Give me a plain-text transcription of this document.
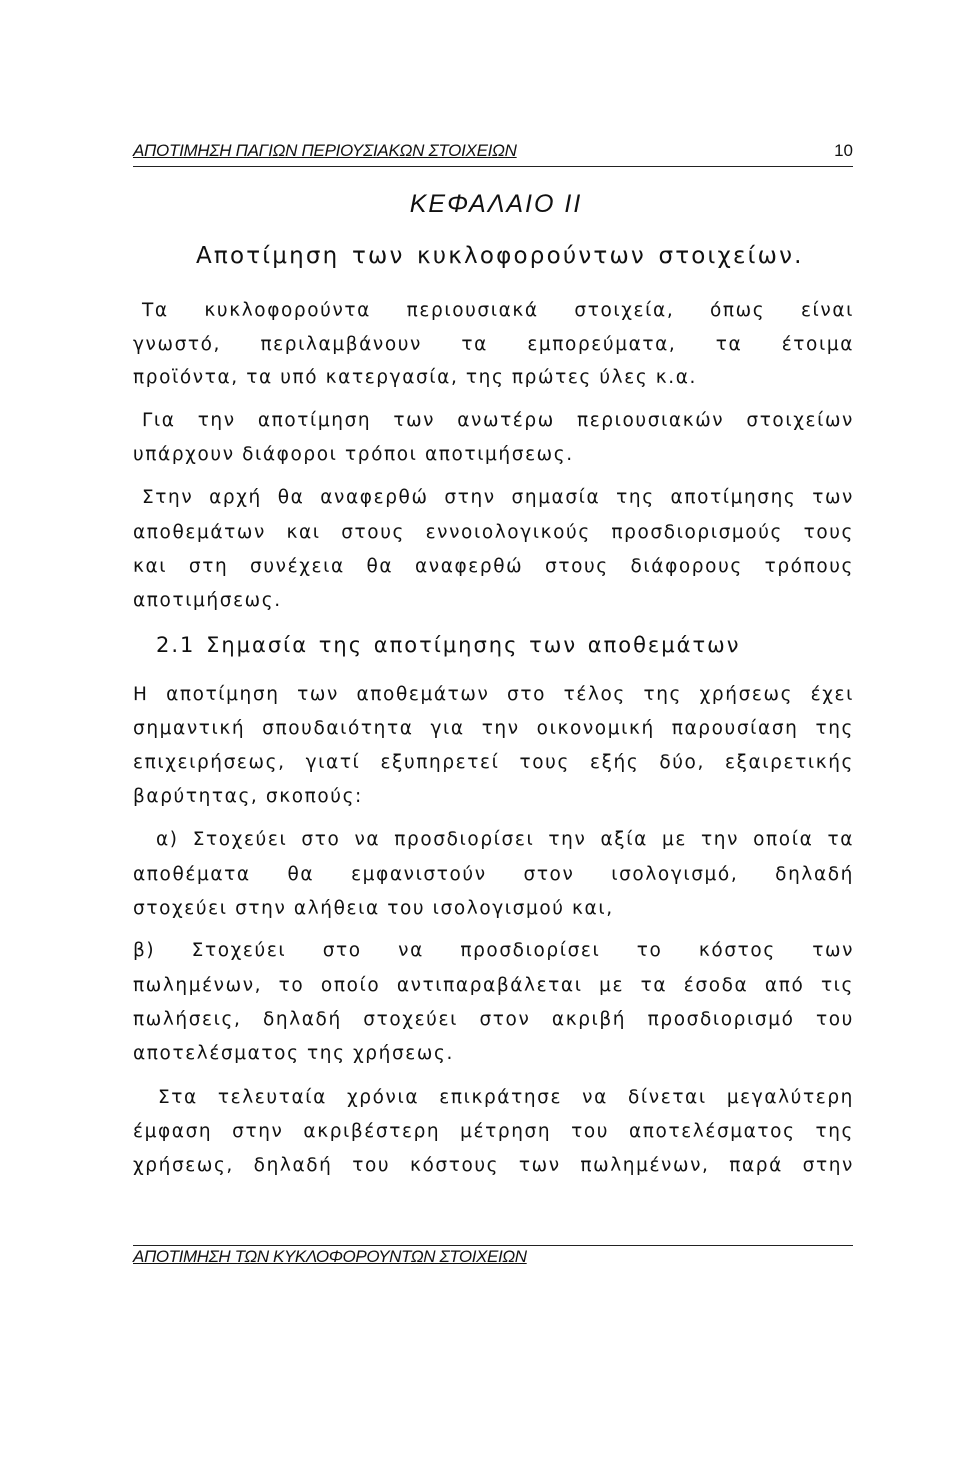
ΑΠΟΤΙΜΗΣΗ ΠΑΓΙΩΝ ΠΕΡΙΟΥΣΙΑΚΩΝ ΣΤΟΙΧΕΙΩΝ	10
ΚΕΦΑΛΑΙΟ ΙΙ
Αποτίμηση των κυκλοφορούντων στοιχείων.
Τα κυκλοφορούντα περιουσιακά στοιχεία, όπως είναι
γνωστό, περιλαμβάνουν τα εμπορεύματα, τα έτοιμα
προϊόντα, τα υπό κατεργασία, της πρώτες ύλες κ.α.
Για την αποτίμηση των ανωτέρω περιουσιακών στοιχείων
υπάρχουν διάφοροι τρόποι αποτιμήσεως.
Στην αρχή θα αναφερθώ στην σημασία της αποτίμησης των
αποθεμάτων και στους εννοιολογικούς προσδιορισμούς τους
και στη συνέχεια θα αναφερθώ στους διάφορους τρόπους
αποτιμήσεως.
2.1 Σημασία της αποτίμησης των αποθεμάτων
Η αποτίμηση των αποθεμάτων στο τέλος της χρήσεως έχει
σημαντική σπουδαιότητα για την οικονομική παρουσίαση της
επιχειρήσεως, γιατί εξυπηρετεί τους εξής δύο, εξαιρετικής
βαρύτητας, σκοπούς:
α) Στοχεύει στο να προσδιορίσει την αξία με την οποία τα
αποθέματα θα εμφανιστούν στον ισολογισμό, δηλαδή
στοχεύει στην αλήθεια του ισολογισμού και,
β) Στοχεύει στο να προσδιορίσει το κόστος των
πωλημένων, το οποίο αντιπαραβάλεται με τα έσοδα από τις
πωλήσεις, δηλαδή στοχεύει στον ακριβή προσδιορισμό του
αποτελέσματος της χρήσεως.
Στα τελευταία χρόνια επικράτησε να δίνεται μεγαλύτερη
έμφαση στην ακριβέστερη μέτρηση του αποτελέσματος της
χρήσεως, δηλαδή του κόστους των πωλημένων, παρά στην
ΑΠΟΤΙΜΗΣΗ ΤΩΝ ΚΥΚΛΟΦΟΡΟΥΝΤΩΝ ΣΤΟΙΧΕΙΩΝ
